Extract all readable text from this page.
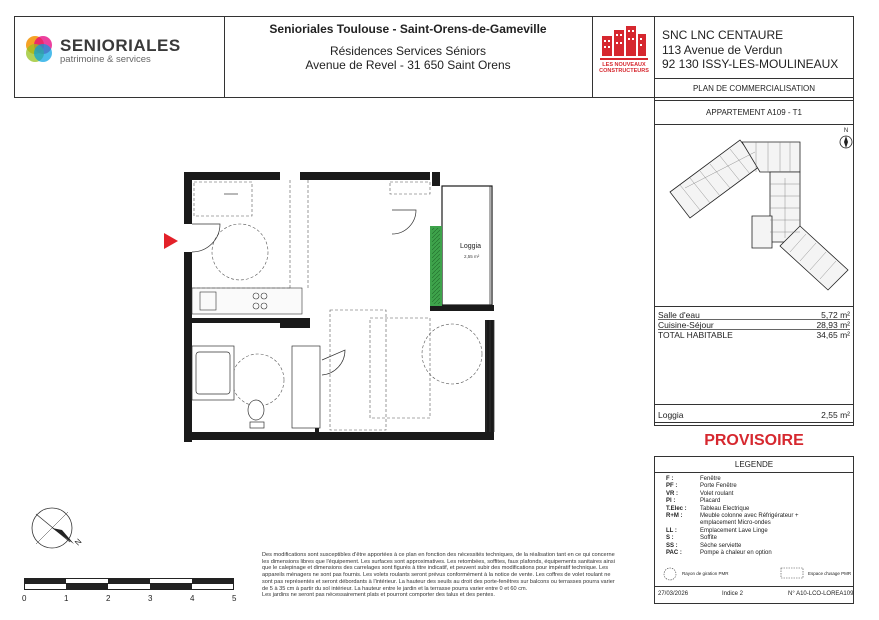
SENIORIALES
patrimoine & services
Senioriales Toulouse - Saint-Orens-de-Gameville
Résidences Services Séniors
Avenue de Revel - 31 650 Saint Orens	LES NOUVEAUX
CONSTRUCTEURS
SNC LNC CENTAURE
113 Avenue de Verdun
92 130 ISSY-LES-MOULINEAUX
PLAN DE COMMERCIALISATION
APPARTEMENT A109 - T1
N
Salle d'eau	5,72 m²
Cuisine-Séjour	28,93 m²
TOTAL HABITABLE	34,65 m²
Loggia	2,55 m²
PROVISOIRE
LEGENDE
F :	Fenêtre
PF :	Porte Fenêtre
VR :	Volet roulant
Pl :	Placard
T.Elec : Tableau Electrique
R+M :	Meuble colonne avec Réfrigérateur +
emplacement Micro-ondes
LL :	Emplacement Lave Linge
S :	Soffite
SS :	Sèche serviette
PAC :	Pompe à chaleur en option
Rayon de giration PMR	Espace d'usage PMR
27/03/2026	Indice 2	N° A10-LCO-LOREA109
Loggia
2,55 m²
N
0	1	2	3	4	5
Des modifications sont susceptibles d'être apportées à ce plan en fonction des nécessités techniques, de la réalisation tant en ce qui concerne
les dimensions libres que l'équipement. Les surfaces sont approximatives. Les retombées, soffites, faux plafonds, équipements sanitaires ainsi
que le calepinage et dimensions des carrelages sont figurés à titre indicatif, et peuvent subir des modifications pour impératif technique. Les
appareils ménagers ne sont pas fournis. Les volets roulants seront prévus conformément à la notice de vente. Les coffres de volet roulant ne
sont pas représentés et seront débordants à l'intérieur. La hauteur des seuils au droit des porte-fenêtres sur balcons ou terrasses pourra varier
de 5 à 35 cm à partir du sol intérieur. La hauteur entre le jardin et la terrasse pourra varier entre 0 et 60 cm.
Les jardins ne seront pas nécessairement plats et pourront comporter des talus et des pentes.
